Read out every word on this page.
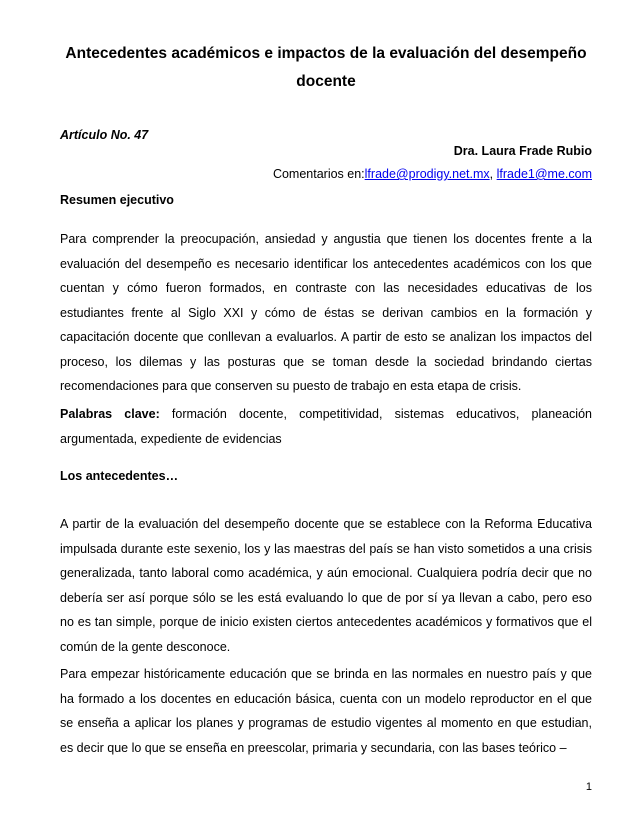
Antecedentes académicos e impactos de la evaluación del desempeño docente

Artículo No. 47

Dra. Laura Frade Rubio

Comentarios en:lfrade@prodigy.net.mx, lfrade1@me.com

Resumen ejecutivo

Para comprender la preocupación, ansiedad y angustia que tienen los docentes frente a la evaluación del desempeño es necesario identificar los antecedentes académicos con los que cuentan y cómo fueron formados, en contraste con las necesidades educativas de los estudiantes frente al Siglo XXI y cómo de éstas se derivan cambios en la formación y capacitación docente que conllevan a evaluarlos. A partir de esto se analizan los impactos del proceso, los dilemas y las posturas que se toman desde la sociedad brindando ciertas recomendaciones para que conserven su puesto de trabajo en esta etapa de crisis.

Palabras clave: formación docente, competitividad, sistemas educativos, planeación argumentada, expediente de evidencias

Los antecedentes…

A partir de la evaluación del desempeño docente que se establece con la Reforma Educativa impulsada durante este sexenio, los y las maestras del país se han visto sometidos a una crisis generalizada, tanto laboral como académica, y aún emocional. Cualquiera podría decir que no debería ser así porque sólo se les está evaluando lo que de por sí ya llevan a cabo, pero eso no es tan simple, porque de inicio existen ciertos antecedentes académicos y formativos que el común de la gente desconoce.

Para empezar históricamente educación que se brinda en las normales en nuestro país y que ha formado a los docentes en educación básica, cuenta con un modelo reproductor en el que se enseña a aplicar los planes y programas de estudio vigentes al momento en que estudian, es decir que lo que se enseña en preescolar, primaria y secundaria, con las bases teórico –

1
